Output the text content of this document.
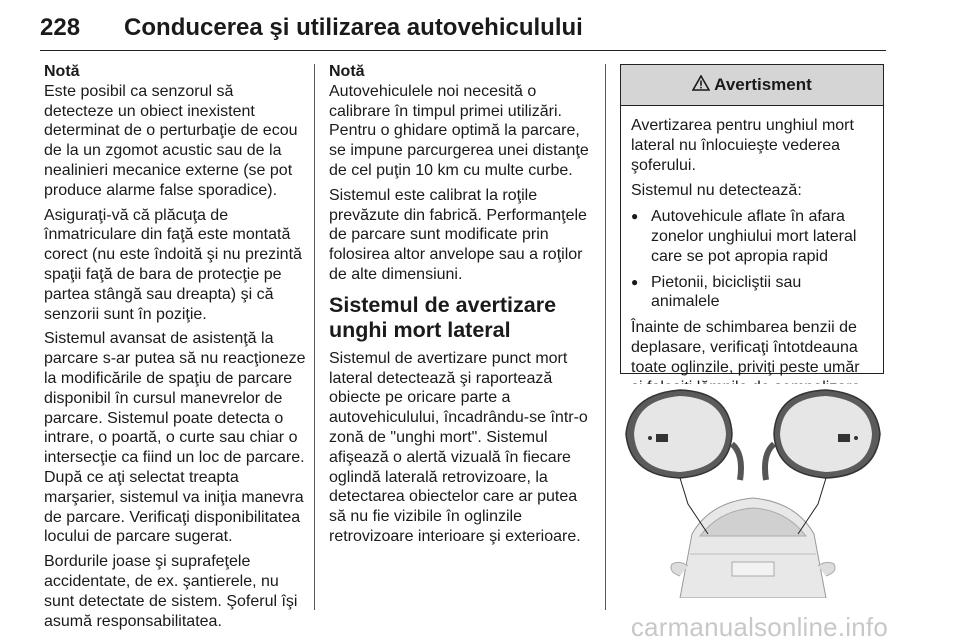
228 Conducerea şi utilizarea autovehiculului

Notă

Este posibil ca senzorul să detecteze un obiect inexistent determinat de o perturbaţie de ecou de la un zgomot acustic sau de la nealinieri mecanice externe (se pot produce alarme false sporadice).

Asiguraţi-vă că plăcuţa de înmatriculare din faţă este montată corect (nu este îndoită şi nu prezintă spaţii faţă de bara de protecţie pe partea stângă sau dreapta) şi că senzorii sunt în poziţie.

Sistemul avansat de asistenţă la parcare s-ar putea să nu reacţioneze la modificările de spaţiu de parcare disponibil în cursul manevrelor de parcare. Sistemul poate detecta o intrare, o poartă, o curte sau chiar o intersecţie ca fiind un loc de parcare. După ce aţi selectat treapta marşarier, sistemul va iniţia manevra de parcare. Verificaţi disponibilitatea locului de parcare sugerat.

Bordurile joase şi suprafeţele accidentate, de ex. şantierele, nu sunt detectate de sistem. Şoferul îşi asumă responsabilitatea.

Notă

Autovehiculele noi necesită o calibrare în timpul primei utilizări. Pentru o ghidare optimă la parcare, se impune parcurgerea unei distanţe de cel puţin 10 km cu multe curbe.

Sistemul este calibrat la roţile prevăzute din fabrică. Performanţele de parcare sunt modificate prin folosirea altor anvelope sau a roţilor de alte dimensiuni.

Sistemul de avertizare unghi mort lateral

Sistemul de avertizare punct mort lateral detectează şi raportează obiecte pe oricare parte a autovehiculului, încadrându-se într-o zonă de "unghi mort". Sistemul afişează o alertă vizuală în fiecare oglindă laterală retrovizoare, la detectarea obiectelor care ar putea să nu fie vizibile în oglinzile retrovizoare interioare şi exterioare.

Avertisment

Avertizarea pentru unghiul mort lateral nu înlocuieşte vederea şoferului.

Sistemul nu detectează:

● Autovehicule aflate în afara zonelor unghiului mort lateral care se pot apropia rapid
● Pietonii, bicicliştii sau animalele

Înainte de schimbarea benzii de deplasare, verificaţi întotdeauna toate oglinzile, priviţi peste umăr

carmanualsonline.info
